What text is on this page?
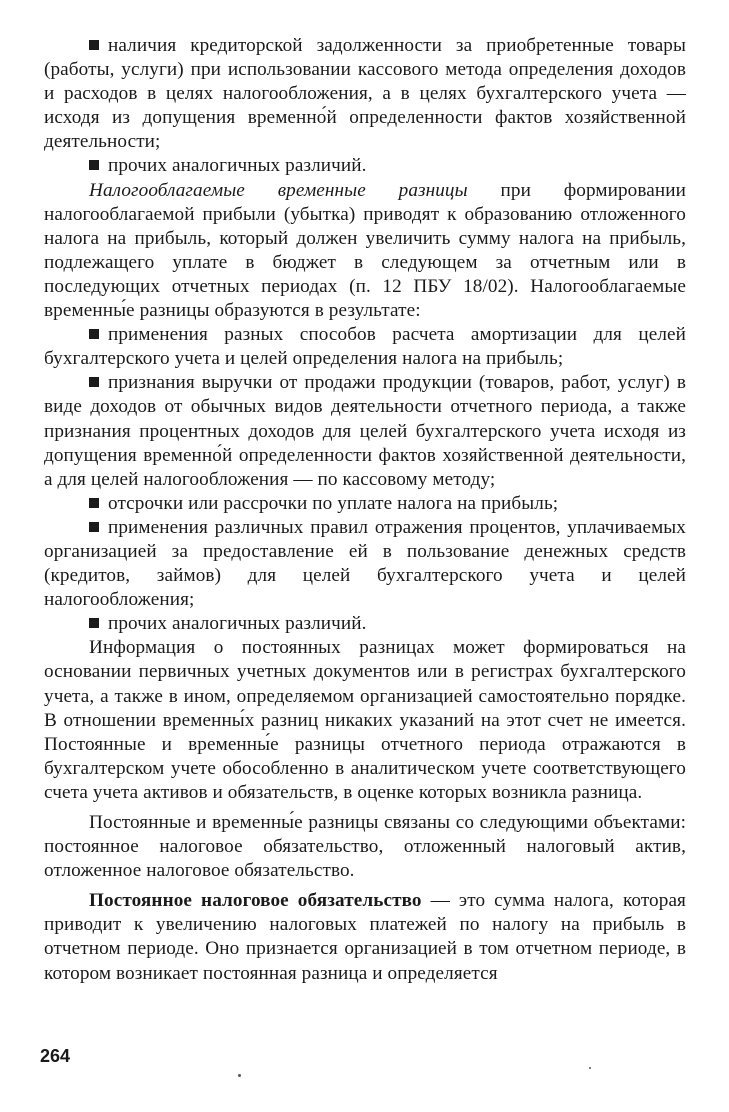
наличия кредиторской задолженности за приобретенные товары (работы, услуги) при использовании кассового метода определения доходов и расходов в целях налогообложения, а в целях бухгалтерского учета — исходя из допущения временно́й определенности фактов хозяйственной деятельности;

прочих аналогичных различий.

Налогооблагаемые временные разницы при формировании налогооблагаемой прибыли (убытка) приводят к образованию отложенного налога на прибыль, который должен увеличить сумму налога на прибыль, подлежащего уплате в бюджет в следующем за отчетным или в последующих отчетных периодах (п. 12 ПБУ 18/02). Налогооблагаемые временны́е разницы образуются в результате:

применения разных способов расчета амортизации для целей бухгалтерского учета и целей определения налога на прибыль;

признания выручки от продажи продукции (товаров, работ, услуг) в виде доходов от обычных видов деятельности отчетного периода, а также признания процентных доходов для целей бухгалтерского учета исходя из допущения временно́й определенности фактов хозяйственной деятельности, а для целей налогообложения — по кассовому методу;

отсрочки или рассрочки по уплате налога на прибыль;

применения различных правил отражения процентов, уплачиваемых организацией за предоставление ей в пользование денежных средств (кредитов, займов) для целей бухгалтерского учета и целей налогообложения;

прочих аналогичных различий.

Информация о постоянных разницах может формироваться на основании первичных учетных документов или в регистрах бухгалтерского учета, а также в ином, определяемом организацией самостоятельно порядке. В отношении временны́х разниц никаких указаний на этот счет не имеется. Постоянные и временны́е разницы отчетного периода отражаются в бухгалтерском учете обособленно в аналитическом учете соответствующего счета учета активов и обязательств, в оценке которых возникла разница.

Постоянные и временны́е разницы связаны со следующими объектами: постоянное налоговое обязательство, отложенный налоговый актив, отложенное налоговое обязательство.

Постоянное налоговое обязательство — это сумма налога, которая приводит к увеличению налоговых платежей по налогу на прибыль в отчетном периоде. Оно признается организацией в том отчетном периоде, в котором возникает постоянная разница и определяется

264
